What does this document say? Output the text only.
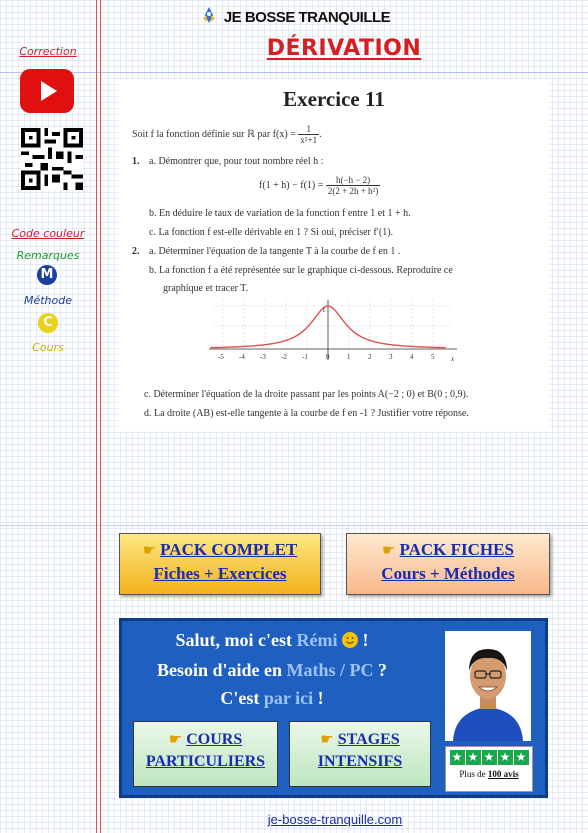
JE BOSSE TRANQUILLE
DÉRIVATION
Correction
Code couleur
Remarques
M
Méthode
C
Cours
Exercice 11
Soit f la fonction définie sur ℝ par $f(x) = \frac{1}{\text{x²+1}}$ .
1. a. Démontrer que, pour tout nombre réel h :
$f(1 + h) - f(1) = \frac{h(-h - 2)}{\text{2(2 + 2h + h²)}}$
b. En déduire le taux de variation de la fonction f entre 1 et 1 + h.
c. La fonction f est-elle dérivable en 1 ? Si oui, préciser f′(1).
2. a. Déterminer l'équation de la tangente T à la courbe de f en 1 .
b. La fonction f a été représentée sur le graphique ci-dessous. Reproduire ce
graphique et tracer T.
-5 -4 -3 -2 -1	0	1	2	3	4	5
1
x
c. Déterminer l'équation de la droite passant par les points A(−2 ; 0) et B(0 ; 0,9).
d. La droite (AB) est-elle tangente à la courbe de f en -1 ? Justifier votre réponse.
☛ PACK COMPLET
Fiches + Exercices
☛ PACK FICHES
Cours + Méthodes
Salut, moi c'est Rémi
!
Besoin d'aide en Maths / PC ?
C'est par ici !
☛ COURS
PARTICULIERS
☛ STAGES
INTENSIFS	★ ★ ★ ★ ★
Plus de 100 avis
je-bosse-tranquille.com
